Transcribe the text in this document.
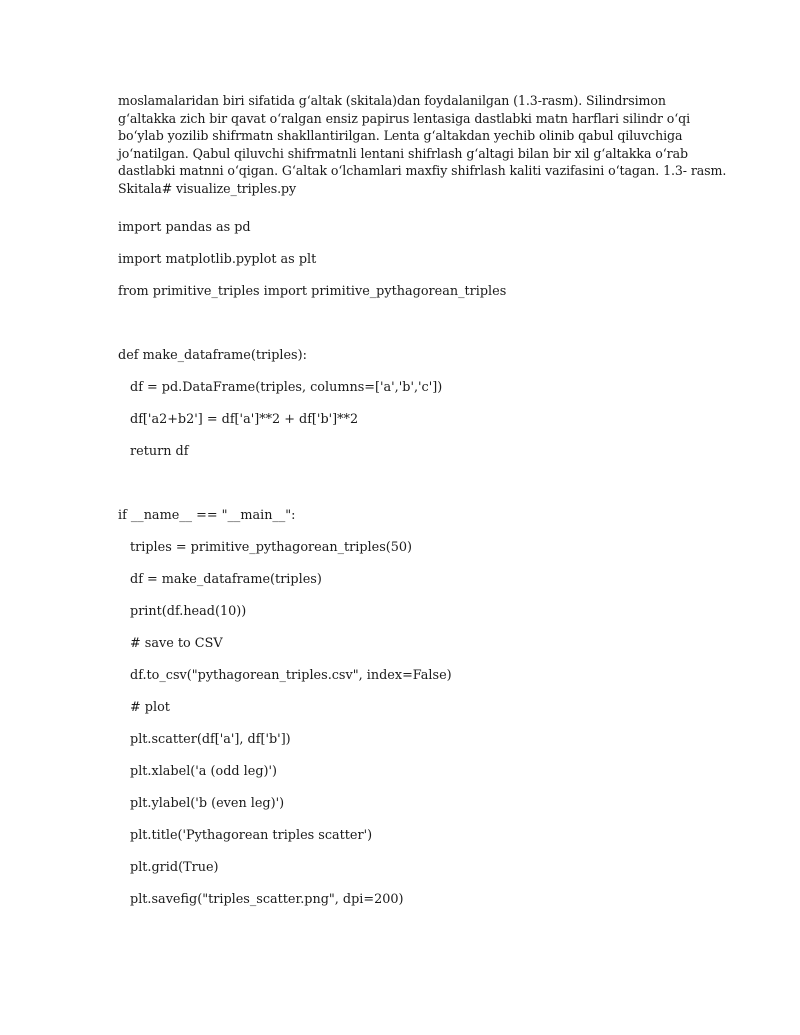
moslamalaridan biri sifatida g‘altak (skitala)dan foydalanilgan (1.3-rasm). Silindrsimon
g‘altakka zich bir qavat o‘ralgan ensiz papirus lentasiga dastlabki matn harflari silindr o‘qi
bo‘ylab yozilib shifrmatn shakllantirilgan. Lenta g‘altakdan yechib olinib qabul qiluvchiga
jo‘natilgan. Qabul qiluvchi shifrmatnli lentani shifrlash g‘altagi bilan bir xil g‘altakka o‘rab
dastlabki matnni o‘qigan. G‘altak o‘lchamlari maxfiy shifrlash kaliti vazifasini o‘tagan. 1.3- rasm.
Skitala# visualize_triples.py
import pandas as pd
import matplotlib.pyplot as plt
from primitive_triples import primitive_pythagorean_triples
def make_dataframe(triples):
df = pd.DataFrame(triples, columns=['a','b','c'])
df['a2+b2'] = df['a']**2 + df['b']**2
return df
if __name__ == "__main__":
triples = primitive_pythagorean_triples(50)
df = make_dataframe(triples)
print(df.head(10))
# save to CSV
df.to_csv("pythagorean_triples.csv", index=False)
# plot
plt.scatter(df['a'], df['b'])
plt.xlabel('a (odd leg)')
plt.ylabel('b (even leg)')
plt.title('Pythagorean triples scatter')
plt.grid(True)
plt.savefig("triples_scatter.png", dpi=200)
